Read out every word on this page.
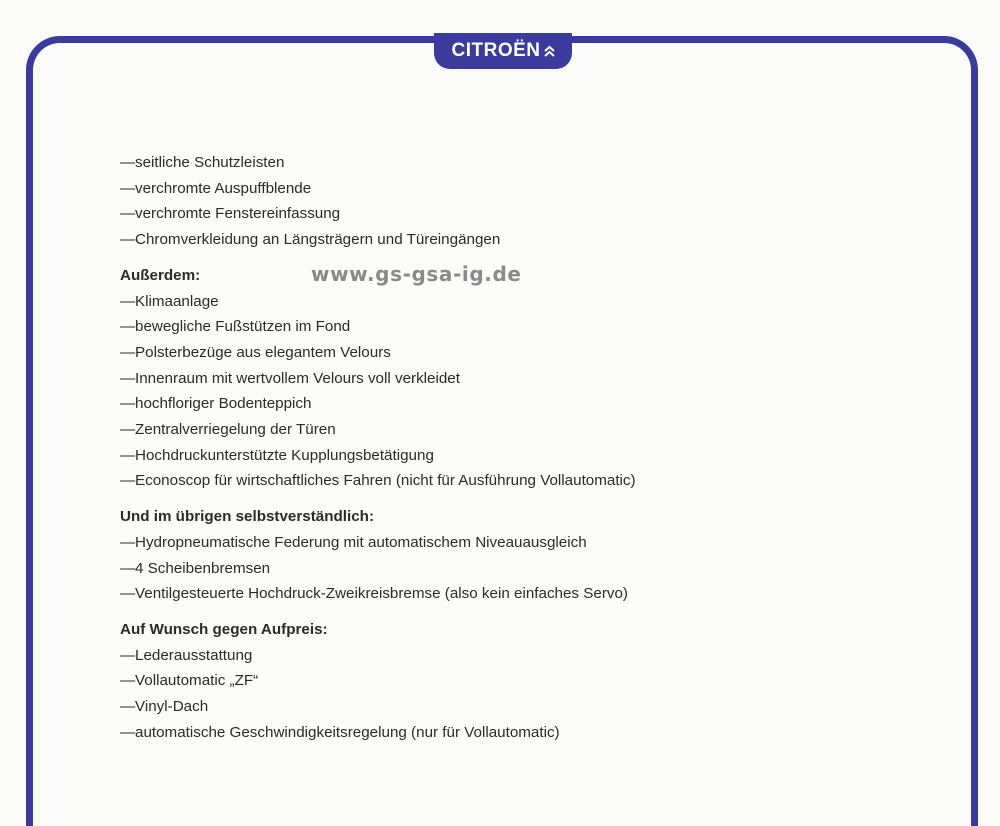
CITROËN
www.gs-gsa-ig.de
—seitliche Schutzleisten
—verchromte Auspuffblende
—verchromte Fenstereinfassung
—Chromverkleidung an Längsträgern und Türeingängen
Außerdem:
—Klimaanlage
—bewegliche Fußstützen im Fond
—Polsterbezüge aus elegantem Velours
—Innenraum mit wertvollem Velours voll verkleidet
—hochfloriger Bodenteppich
—Zentralverriegelung der Türen
—Hochdruckunterstützte Kupplungsbetätigung
—Econoscop für wirtschaftliches Fahren (nicht für Ausführung Vollautomatic)
Und im übrigen selbstverständlich:
—Hydropneumatische Federung mit automatischem Niveauausgleich
—4 Scheibenbremsen
—Ventilgesteuerte Hochdruck-Zweikreisbremse (also kein einfaches Servo)
Auf Wunsch gegen Aufpreis:
—Lederausstattung
—Vollautomatic „ZF“
—Vinyl-Dach
—automatische Geschwindigkeitsregelung (nur für Vollautomatic)
